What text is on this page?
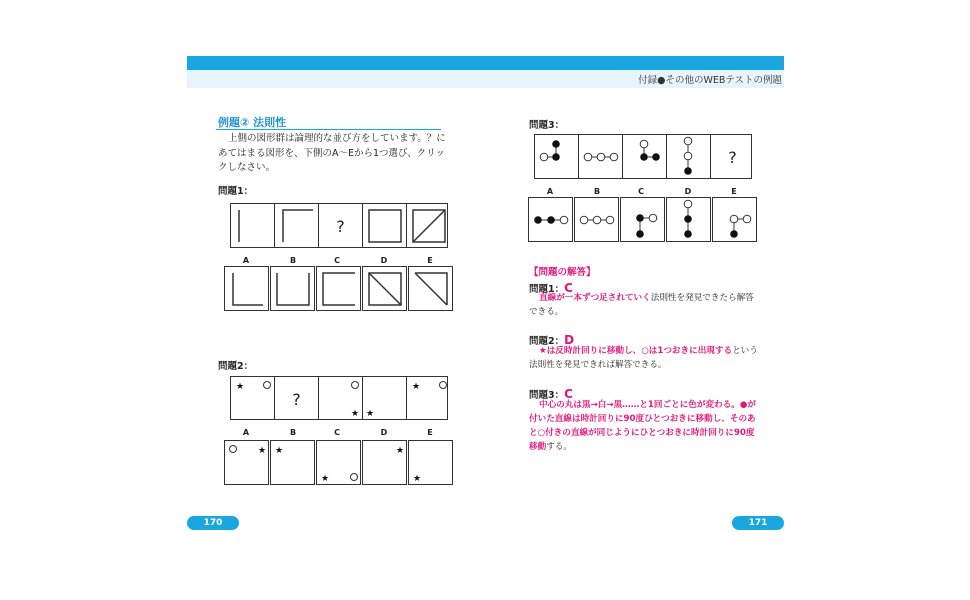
付録●その他のWEBテストの例題
例題② 法則性
上側の図形群は論理的な並び方をしています。？にあてはまる図形を、下側のA〜Eから1つ選び、クリックしなさい。
問題1：
?
A	B	C	D	E
問題2：
★
?
★ ★
★
A	B	C	D	E
★ ★
★
★
★
170
問題3：
?
A	B	C	D	E
【問題の解答】
問題1：C
直線が一本ずつ足されていく法則性を発見できたら解答できる。
問題2：D
★は反時計回りに移動し、○は1つおきに出現するという法則性を発見できれば解答できる。
問題3：C
中心の丸は黒→白→黒……と1回ごとに色が変わる。●が付いた直線は時計回りに90度ひとつおきに移動し、そのあと○付きの直線が同じようにひとつおきに時計回りに90度移動する。
171
